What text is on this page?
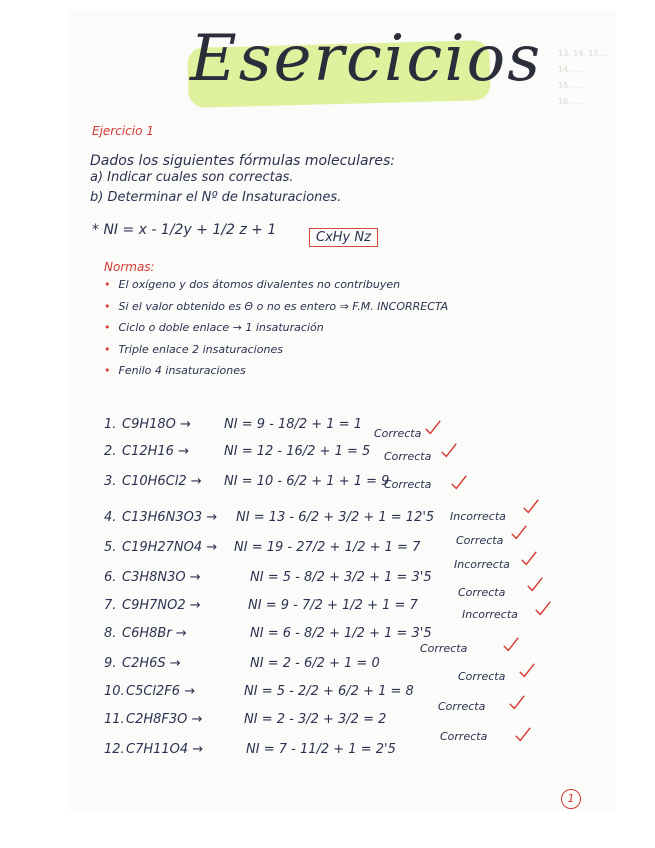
13. 14, 15...
14. ...
15. ...
16. ...
Esercicios
Ejercicio 1
Dados los siguientes fórmulas moleculares:
a) Indicar cuales son correctas.
b) Determinar el Nº de Insaturaciones.
* NI = x - 1/2y + 1/2 z + 1	CxHy Nz
Normas:
• El oxígeno y dos átomos divalentes no contribuyen
• Si el valor obtenido es Θ o no es entero ⇒ F.M. INCORRECTA
• Ciclo o doble enlace → 1 insaturación
• Triple enlace 2 insaturaciones
• Fenilo 4 insaturaciones
1. C9H18O →	NI = 9 - 18/2 + 1 = 1
Correcta
2. C12H16 →	NI = 12 - 16/2 + 1 = 5 Correcta
3. C10H6Cl2 → NI = 10 - 6/2 + 1 + 1 = 9
Correcta
4. C13H6N3O3 → NI = 13 - 6/2 + 3/2 + 1 = 12'5 Incorrecta
5. C19H27NO4 → NI = 19 - 27/2 + 1/2 + 1 = 7	Correcta
6. C3H8N3O →	NI = 5 - 8/2 + 3/2 + 1 = 3'5
Incorrecta
7. C9H7NO2 →	NI = 9 - 7/2 + 1/2 + 1 = 7
Correcta
8. C6H8Br →	NI = 6 - 8/2 + 1/2 + 1 = 3'5
Incorrecta
9. C2H6S →	NI = 2 - 6/2 + 1 = 0
Correcta
10. C5Cl2F6 →	NI = 5 - 2/2 + 6/2 + 1 = 8
Correcta
11. C2H8F3O →	NI = 2 - 3/2 + 3/2 = 2
Correcta
12. C7H11O4 →	NI = 7 - 11/2 + 1 = 2'5
Correcta
1
